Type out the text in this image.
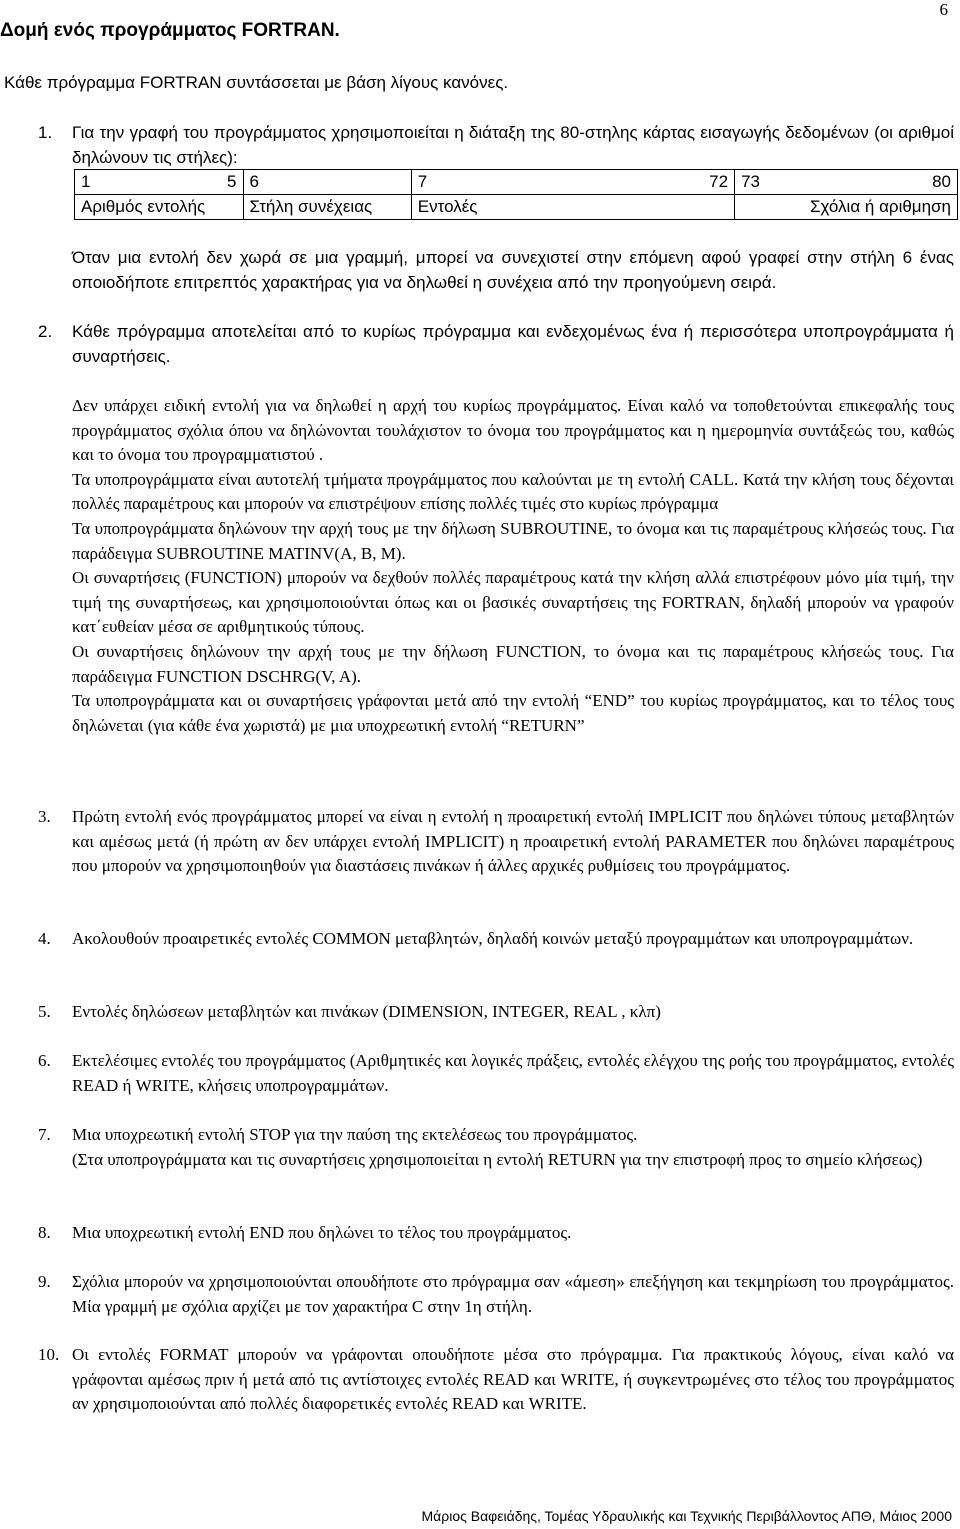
6
Δομή ενός προγράμματος FORTRAN.
Κάθε πρόγραμμα FORTRAN συντάσσεται με βάση λίγους κανόνες.
1. Για την γραφή του προγράμματος χρησιμοποιείται η διάταξη της 80-στηλης κάρτας εισαγωγής δεδομένων (οι αριθμοί δηλώνουν τις στήλες):

1 5	6	7 72	73 80

Αριθμός εντολής	Στήλη συνέχειας	Εντολές	Σχόλια ή αριθμηση

Όταν μια εντολή δεν χωρά σε μια γραμμή, μπορεί να συνεχιστεί στην επόμενη αφού γραφεί στην στήλη 6 ένας οποιοδήποτε επιτρεπτός χαρακτήρας για να δηλωθεί η συνέχεια από την προηγούμενη σειρά.

2. Κάθε πρόγραμμα αποτελείται από το κυρίως πρόγραμμα και ενδεχομένως ένα ή περισσότερα υποπρογράμματα ή συναρτήσεις.

Δεν υπάρχει ειδική εντολή για να δηλωθεί η αρχή του κυρίως προγράμματος. Είναι καλό να τοποθετούνται επικεφαλής τους προγράμματος σχόλια όπου να δηλώνονται τουλάχιστον το όνομα του προγράμματος και η ημερομηνία συντάξεώς του, καθώς και το όνομα του προγραμματιστού .

Τα υποπρογράμματα είναι αυτοτελή τμήματα προγράμματος που καλούνται με τη εντολή CALL. Κατά την κλήση τους δέχονται πολλές παραμέτρους και μπορούν να επιστρέψουν επίσης πολλές τιμές στο κυρίως πρόγραμμα

Τα υποπρογράμματα δηλώνουν την αρχή τους με την δήλωση SUBROUTINE, το όνομα και τις παραμέτρους κλήσεώς τους. Για παράδειγμα SUBROUTINE MATINV(A, B, M).

Οι συναρτήσεις (FUNCTION) μπορούν να δεχθούν πολλές παραμέτρους κατά την κλήση αλλά επιστρέφουν μόνο μία τιμή, την τιμή της συναρτήσεως, και χρησιμοποιούνται όπως και οι βασικές συναρτήσεις της FORTRAN, δηλαδή μπορούν να γραφούν κατ΄ευθείαν μέσα σε αριθμητικούς τύπους.

Οι συναρτήσεις δηλώνουν την αρχή τους με την δήλωση FUNCTION, το όνομα και τις παραμέτρους κλήσεώς τους. Για παράδειγμα FUNCTION DSCHRG(V, A).

Τα υποπρογράμματα και οι συναρτήσεις γράφονται μετά από την εντολή “END” του κυρίως προγράμματος, και το τέλος τους δηλώνεται (για κάθε ένα χωριστά) με μια υποχρεωτική εντολή “RETURN”

3. Πρώτη εντολή ενός προγράμματος μπορεί να είναι η εντολή η προαιρετική εντολή IMPLICIT που δηλώνει τύπους μεταβλητών και αμέσως μετά (ή πρώτη αν δεν υπάρχει εντολή IMPLICIT) η προαιρετική εντολή PARAMETER που δηλώνει παραμέτρους που μπορούν να χρησιμοποιηθούν για διαστάσεις πινάκων ή άλλες αρχικές ρυθμίσεις του προγράμματος.

4. Ακολουθούν προαιρετικές εντολές COMMON μεταβλητών, δηλαδή κοινών μεταξύ προγραμμάτων και υποπρογραμμάτων.

5. Εντολές δηλώσεων μεταβλητών και πινάκων (DIMENSION, INTEGER, REAL , κλπ)

6. Εκτελέσιμες εντολές του προγράμματος (Αριθμητικές και λογικές πράξεις, εντολές ελέγχου της ροής του προγράμματος, εντολές READ ή WRITE, κλήσεις υποπρογραμμάτων.

7. Μια υποχρεωτική εντολή STOP για την παύση της εκτελέσεως του προγράμματος.

(Στα υποπρογράμματα και τις συναρτήσεις χρησιμοποιείται η εντολή RETURN για την επιστροφή προς το σημείο κλήσεως)

8. Μια υποχρεωτική εντολή END που δηλώνει το τέλος του προγράμματος.

9. Σχόλια μπορούν να χρησιμοποιούνται οπουδήποτε στο πρόγραμμα σαν «άμεση» επεξήγηση και τεκμηρίωση του προγράμματος. Μία γραμμή με σχόλια αρχίζει με τον χαρακτήρα C στην 1η στήλη.

10. Οι εντολές FORMAT μπορούν να γράφονται οπουδήποτε μέσα στο πρόγραμμα. Για πρακτικούς λόγους, είναι καλό να γράφονται αμέσως πριν ή μετά από τις αντίστοιχες εντολές READ και WRITE, ή συγκεντρωμένες στο τέλος του προγράμματος αν χρησιμοποιούνται από πολλές διαφορετικές εντολές READ και WRITE.

Μάριος Βαφειάδης, Τομέας Υδραυλικής και Τεχνικής Περιβάλλοντος ΑΠΘ, Μάιος 2000
